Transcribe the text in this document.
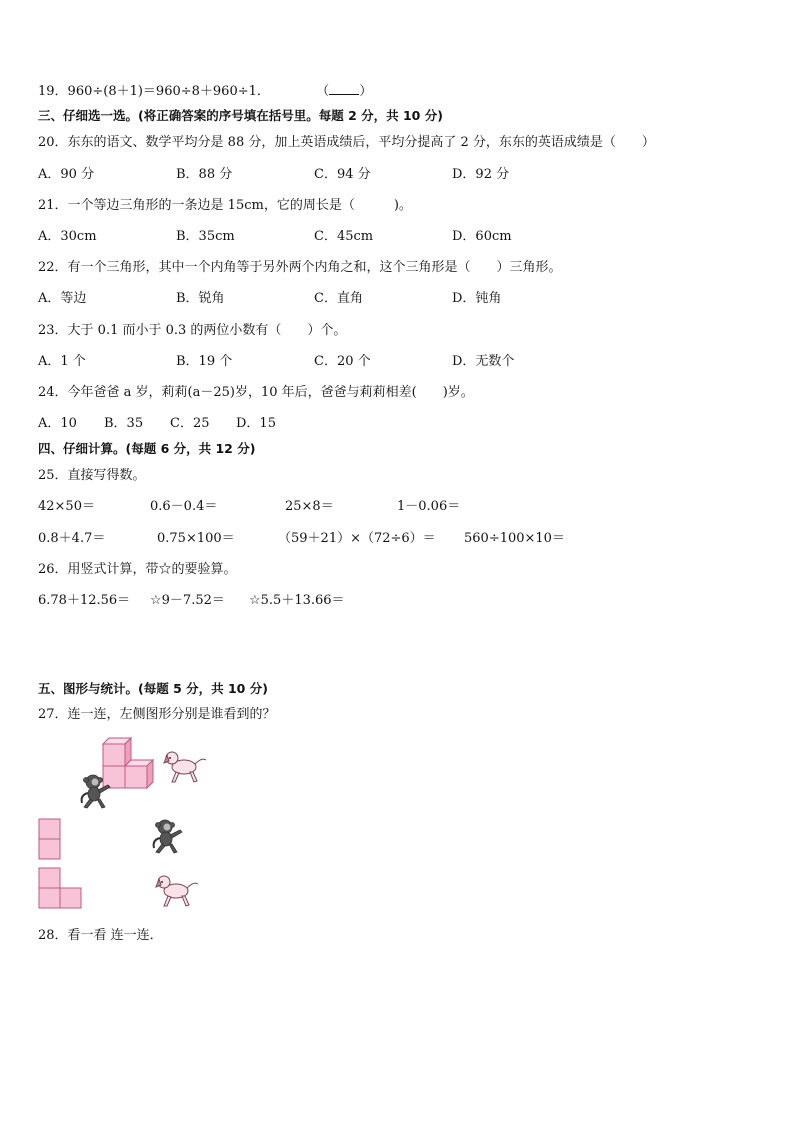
19．960÷(8＋1)＝960÷8＋960÷1．	（ ）
三、仔细选一选。(将正确答案的序号填在括号里。每题 2 分，共 10 分)
20．东东的语文、数学平均分是 88 分，加上英语成绩后，平均分提高了 2 分，东东的英语成绩是（　　）
A．90 分	B．88 分	C．94 分	D．92 分
21．一个等边三角形的一条边是 15cm，它的周长是（　　　)。
A．30cm	B．35cm	C．45cm	D．60cm
22．有一个三角形，其中一个内角等于另外两个内角之和，这个三角形是（　　）三角形。
A．等边	B．锐角	C．直角	D．钝角
23．大于 0.1 而小于 0.3 的两位小数有（　　）个。
A．1 个	B．19 个	C．20 个	D．无数个
24．今年爸爸 a 岁，莉莉(a－25)岁，10 年后，爸爸与莉莉相差(　　)岁。
A．10 B．35 C．25 D．15
四、仔细计算。(每题 6 分，共 12 分)
25．直接写得数。
42×50＝	0.6－0.4＝	25×8＝	1－0.06＝
0.8＋4.7＝	0.75×100＝	（59＋21）×（72÷6）＝ 560÷100×10＝
26．用竖式计算，带☆的要验算。
6.78＋12.56＝ ☆9－7.52＝ ☆5.5＋13.66＝
五、图形与统计。(每题 5 分，共 10 分)
27．连一连，左侧图形分别是谁看到的？
28．看一看 连一连．
